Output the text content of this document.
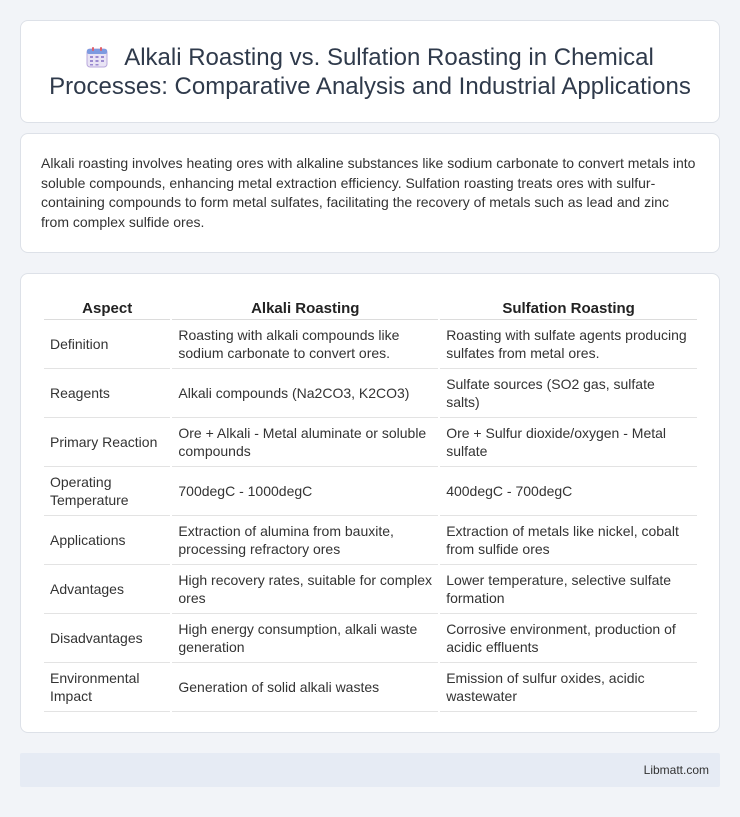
Alkali Roasting vs. Sulfation Roasting in Chemical Processes: Comparative Analysis and Industrial Applications

Alkali roasting involves heating ores with alkaline substances like sodium carbonate to convert metals into soluble compounds, enhancing metal extraction efficiency. Sulfation roasting treats ores with sulfur-containing compounds to form metal sulfates, facilitating the recovery of metals such as lead and zinc from complex sulfide ores.

Aspect	Alkali Roasting	Sulfation Roasting
Definition	Roasting with alkali compounds like sodium carbonate to convert ores.	Roasting with sulfate agents producing sulfates from metal ores.
Reagents	Alkali compounds (Na2CO3, K2CO3)	Sulfate sources (SO2 gas, sulfate salts)
Primary Reaction	Ore + Alkali - Metal aluminate or soluble compounds	Ore + Sulfur dioxide/oxygen - Metal sulfate
Operating Temperature	700degC - 1000degC	400degC - 700degC
Applications	Extraction of alumina from bauxite, processing refractory ores	Extraction of metals like nickel, cobalt from sulfide ores
Advantages	High recovery rates, suitable for complex ores	Lower temperature, selective sulfate formation
Disadvantages	High energy consumption, alkali waste generation	Corrosive environment, production of acidic effluents
Environmental Impact	Generation of solid alkali wastes	Emission of sulfur oxides, acidic wastewater
Libmatt.com
